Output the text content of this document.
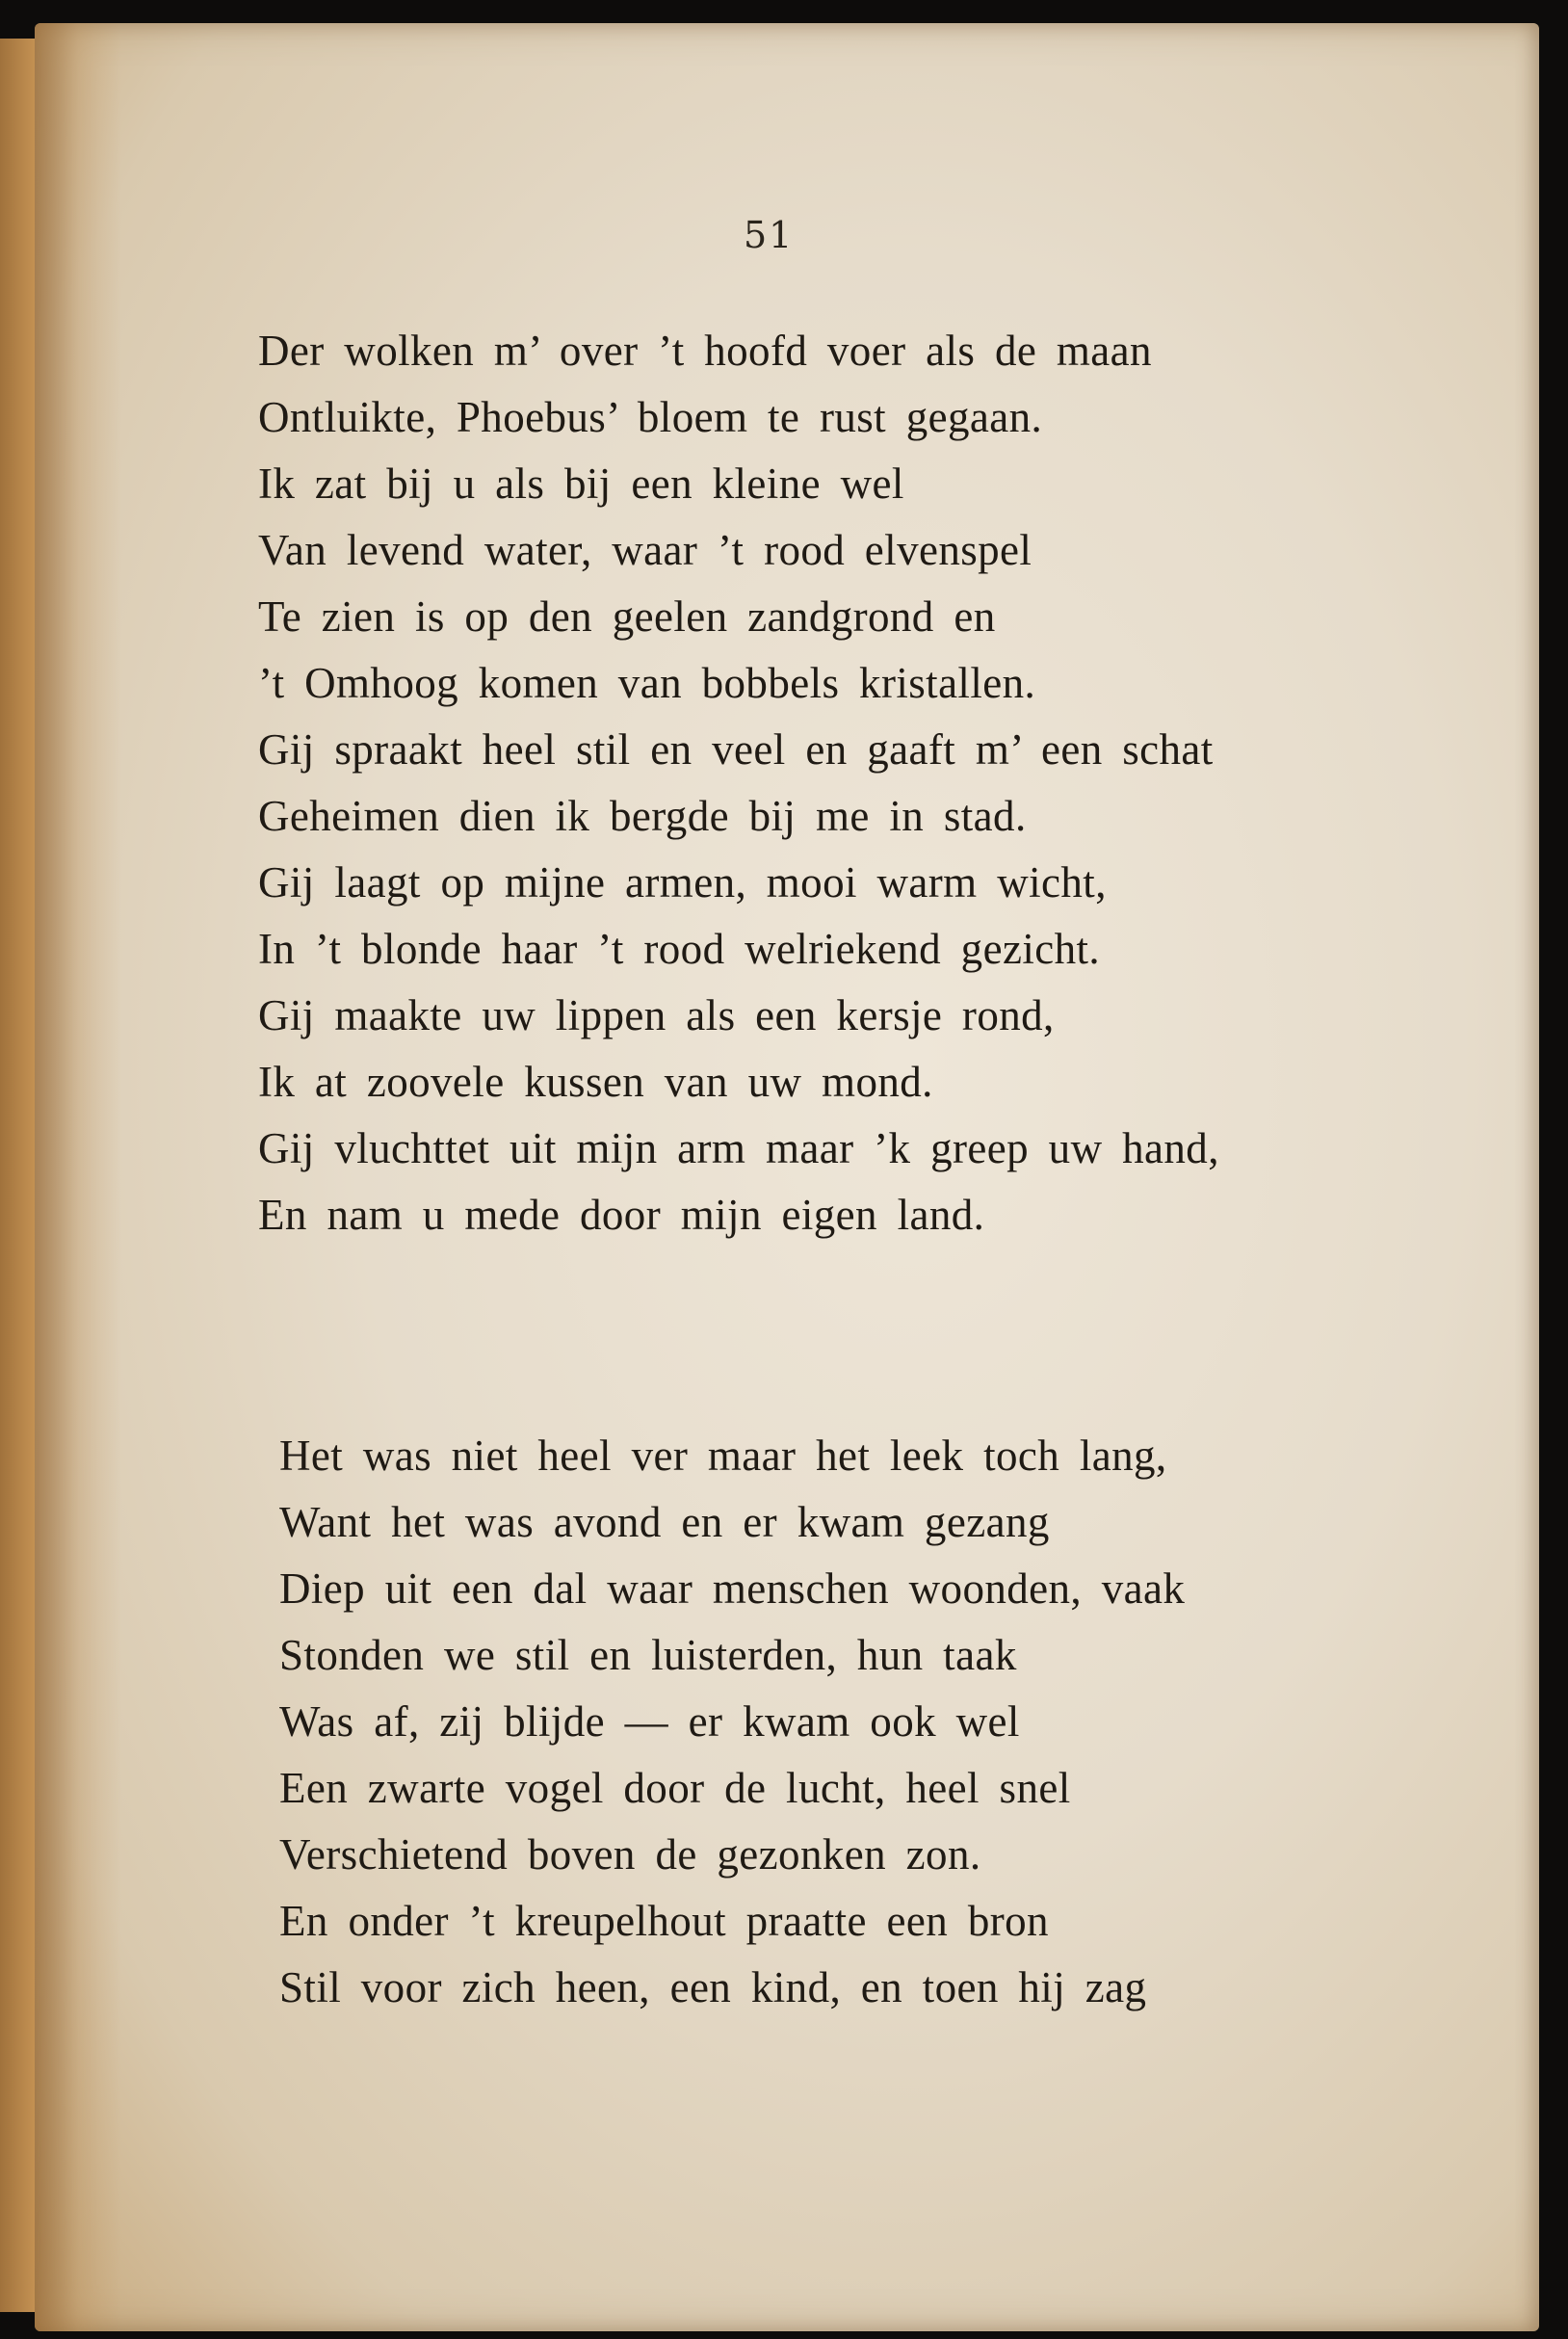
51
Der wolken m’ over ’t hoofd voer als de maan
Ontluikte, Phoebus’ bloem te rust gegaan.
Ik zat bij u als bij een kleine wel
Van levend water, waar ’t rood elvenspel
Te zien is op den geelen zandgrond en
’t Omhoog komen van bobbels kristallen.
Gij spraakt heel stil en veel en gaaft m’ een schat
Geheimen dien ik bergde bij me in stad.
Gij laagt op mijne armen, mooi warm wicht,
In ’t blonde haar ’t rood welriekend gezicht.
Gij maakte uw lippen als een kersje rond,
Ik at zoovele kussen van uw mond.
Gij vluchttet uit mijn arm maar ’k greep uw hand,
En nam u mede door mijn eigen land.
Het was niet heel ver maar het leek toch lang,
Want het was avond en er kwam gezang
Diep uit een dal waar menschen woonden, vaak
Stonden we stil en luisterden, hun taak
Was af, zij blijde — er kwam ook wel
Een zwarte vogel door de lucht, heel snel
Verschietend boven de gezonken zon.
En onder ’t kreupelhout praatte een bron
Stil voor zich heen, een kind, en toen hij zag
